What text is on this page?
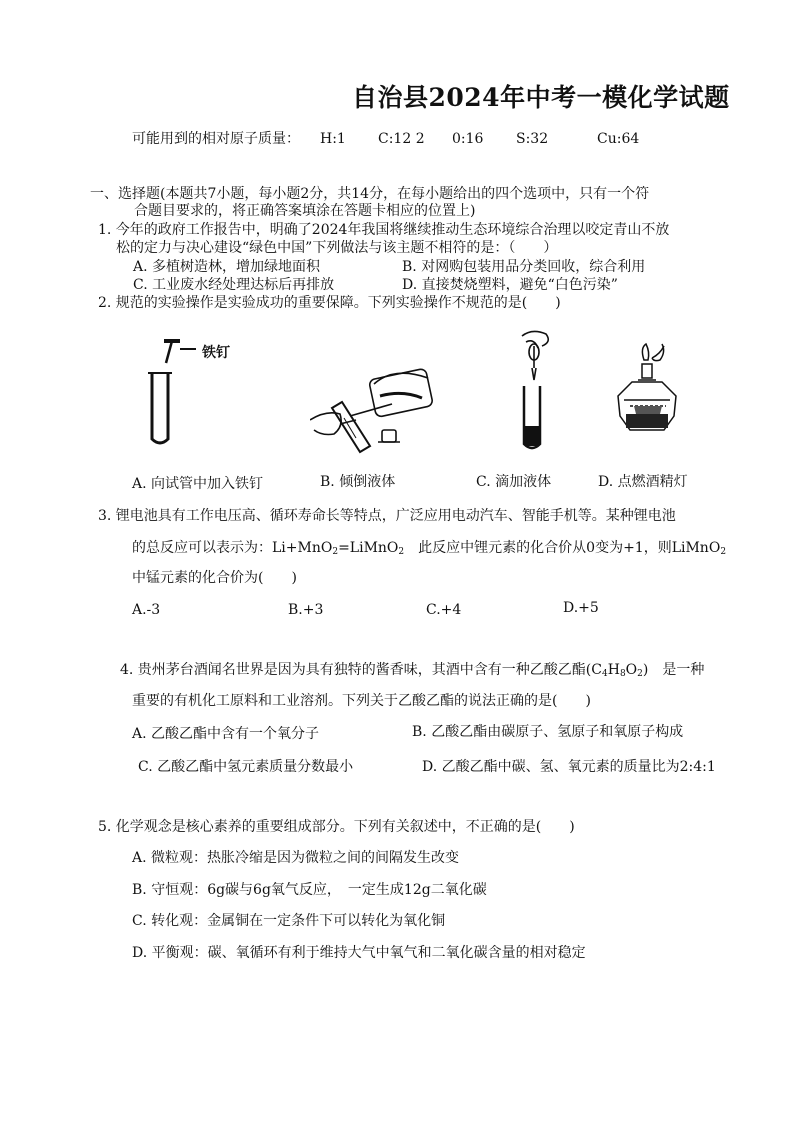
自治县2024年中考一模化学试题
可能用到的相对原子质量： H:1 C:12 2 0:16 S:32	Cu:64
一、选择题(本题共7小题，每小题2分，共14分，在每小题给出的四个选项中，只有一个符
合题目要求的，将正确答案填涂在答题卡相应的位置上)
1. 今年的政府工作报告中，明确了2024年我国将继续推动生态环境综合治理以咬定青山不放
松的定力与决心建设“绿色中国”下列做法与该主题不相符的是：（　　）
A. 多植树造林，增加绿地面积	B. 对网购包装用品分类回收，综合利用
C. 工业废水经处理达标后再排放	D. 直接焚烧塑料，避免“白色污染”
2. 规范的实验操作是实验成功的重要保障。下列实验操作不规范的是(　　)
铁钉
A. 向试管中加入铁钉	B. 倾倒液体	C. 滴加液体	D. 点燃酒精灯
3. 锂电池具有工作电压高、循环寿命长等特点，广泛应用电动汽车、智能手机等。某种锂电池
的总反应可以表示为：Li+MnO$_2$=LiMnO$_2$　此反应中锂元素的化合价从0变为+1，则LiMnO$_2$
中锰元素的化合价为(　　)
A.-3	B.+3	C.+4	D.+5
4. 贵州茅台酒闻名世界是因为具有独特的酱香味，其酒中含有一种乙酸乙酯$(C_4H_8O_2)$　是一种
重要的有机化工原料和工业溶剂。下列关于乙酸乙酯的说法正确的是(　　)
A. 乙酸乙酯中含有一个氧分子	B. 乙酸乙酯由碳原子、氢原子和氧原子构成
C. 乙酸乙酯中氢元素质量分数最小	D. 乙酸乙酯中碳、氢、氧元素的质量比为2:4:1
5. 化学观念是核心素养的重要组成部分。下列有关叙述中，不正确的是(　　)
A. 微粒观：热胀冷缩是因为微粒之间的间隔发生改变
B. 守恒观：6g碳与6g氧气反应，　一定生成12g二氧化碳
C. 转化观：金属铜在一定条件下可以转化为氧化铜
D. 平衡观：碳、氧循环有利于维持大气中氧气和二氧化碳含量的相对稳定
